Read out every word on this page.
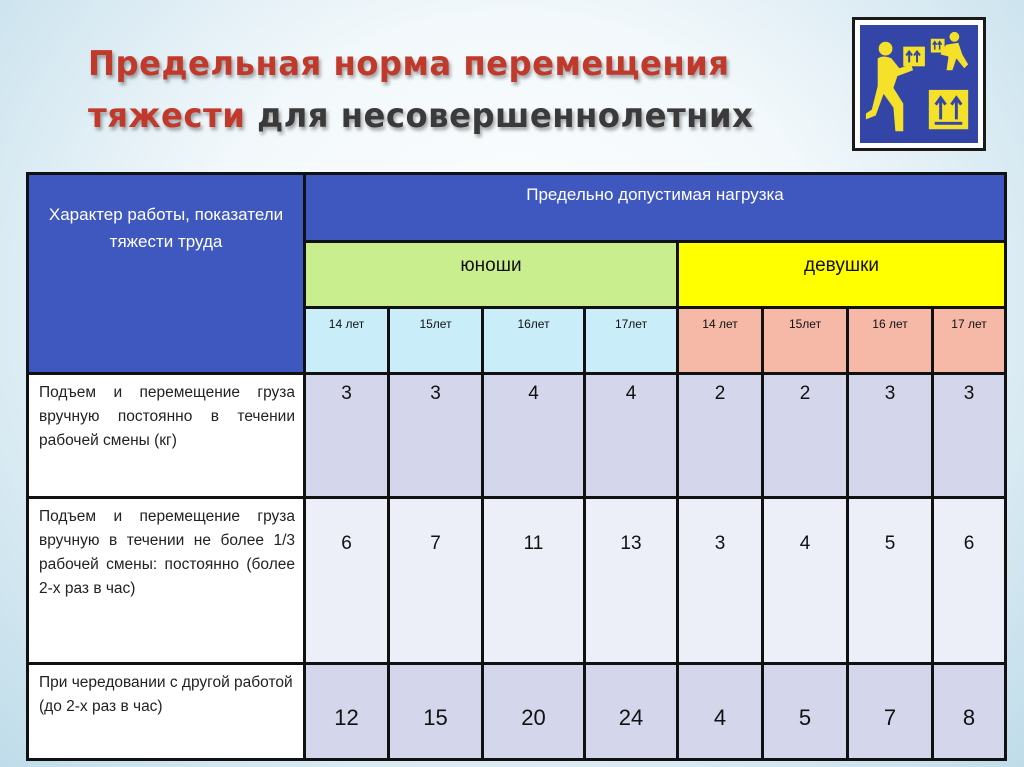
Предельная норма перемещения
тяжести для несовершеннолетних
Характер работы, показатели тяжести труда	Предельно допустимая нагрузка							
	юноши				девушки			
	14 лет	15лет	16лет	17лет	14 лет	15лет	16 лет	17 лет
Подъем и перемещение груза вручную постоянно в течении рабочей смены (кг)	3	3	4	4	2	2	3	3
Подъем и перемещение груза вручную в течении не более 1/3 рабочей смены: постоянно (более 2-х раз в час)	6	7	11	13	3	4	5	6
При чередовании с другой работой (до 2-х раз в час)	12	15	20	24	4	5	7	8
